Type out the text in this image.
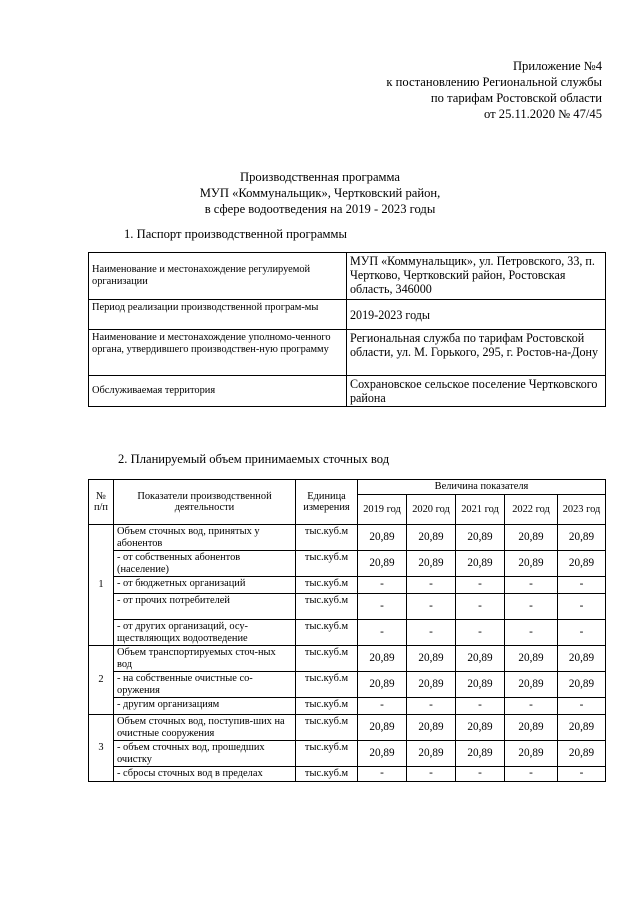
Приложение №4
к постановлению Региональной службы
по тарифам Ростовской области
от 25.11.2020 № 47/45
Производственная программа
МУП «Коммунальщик», Чертковский район,
в сфере водоотведения на 2019 - 2023 годы
1. Паспорт производственной программы
Наименование и местонахождение регулируемой организации	МУП «Коммунальщик», ул. Петровского, 33, п. Чертково, Чертковский район, Ростовская область, 346000
Период реализации производственной програм-мы	2019-2023 годы
Наименование и местонахождение уполномо-ченного органа, утвердившего производствен-ную программу	Региональная служба по тарифам Ростовской области, ул. М. Горького, 295, г. Ростов-на-Дону
Обслуживаемая территория	Сохрановское сельское поселение Чертковского района
2. Планируемый объем принимаемых сточных вод
№ п/п	Показатели производственной деятельности	Единица измерения	Величина показателя				
			2019 год	2020 год	2021 год	2022 год	2023 год
1	Объем сточных вод, принятых у абонентов	тыс.куб.м	20,89	20,89	20,89	20,89	20,89
	- от собственных абонентов (население)	тыс.куб.м	20,89	20,89	20,89	20,89	20,89
	- от бюджетных организаций	тыс.куб.м	-	-	-	-	-
	- от прочих потребителей	тыс.куб.м	-	-	-	-	-
	- от других организаций, осу-ществляющих водоотведение	тыс.куб.м	-	-	-	-	-
2	Объем транспортируемых сточ-ных вод	тыс.куб.м	20,89	20,89	20,89	20,89	20,89
	- на собственные очистные со-оружения	тыс.куб.м	20,89	20,89	20,89	20,89	20,89
	- другим организациям	тыс.куб.м	-	-	-	-	-
3	Объем сточных вод, поступив-ших на очистные сооружения	тыс.куб.м	20,89	20,89	20,89	20,89	20,89
	- объем сточных вод, прошедших очистку	тыс.куб.м	20,89	20,89	20,89	20,89	20,89
	- сбросы сточных вод в пределах	тыс.куб.м	-	-	-	-	-
